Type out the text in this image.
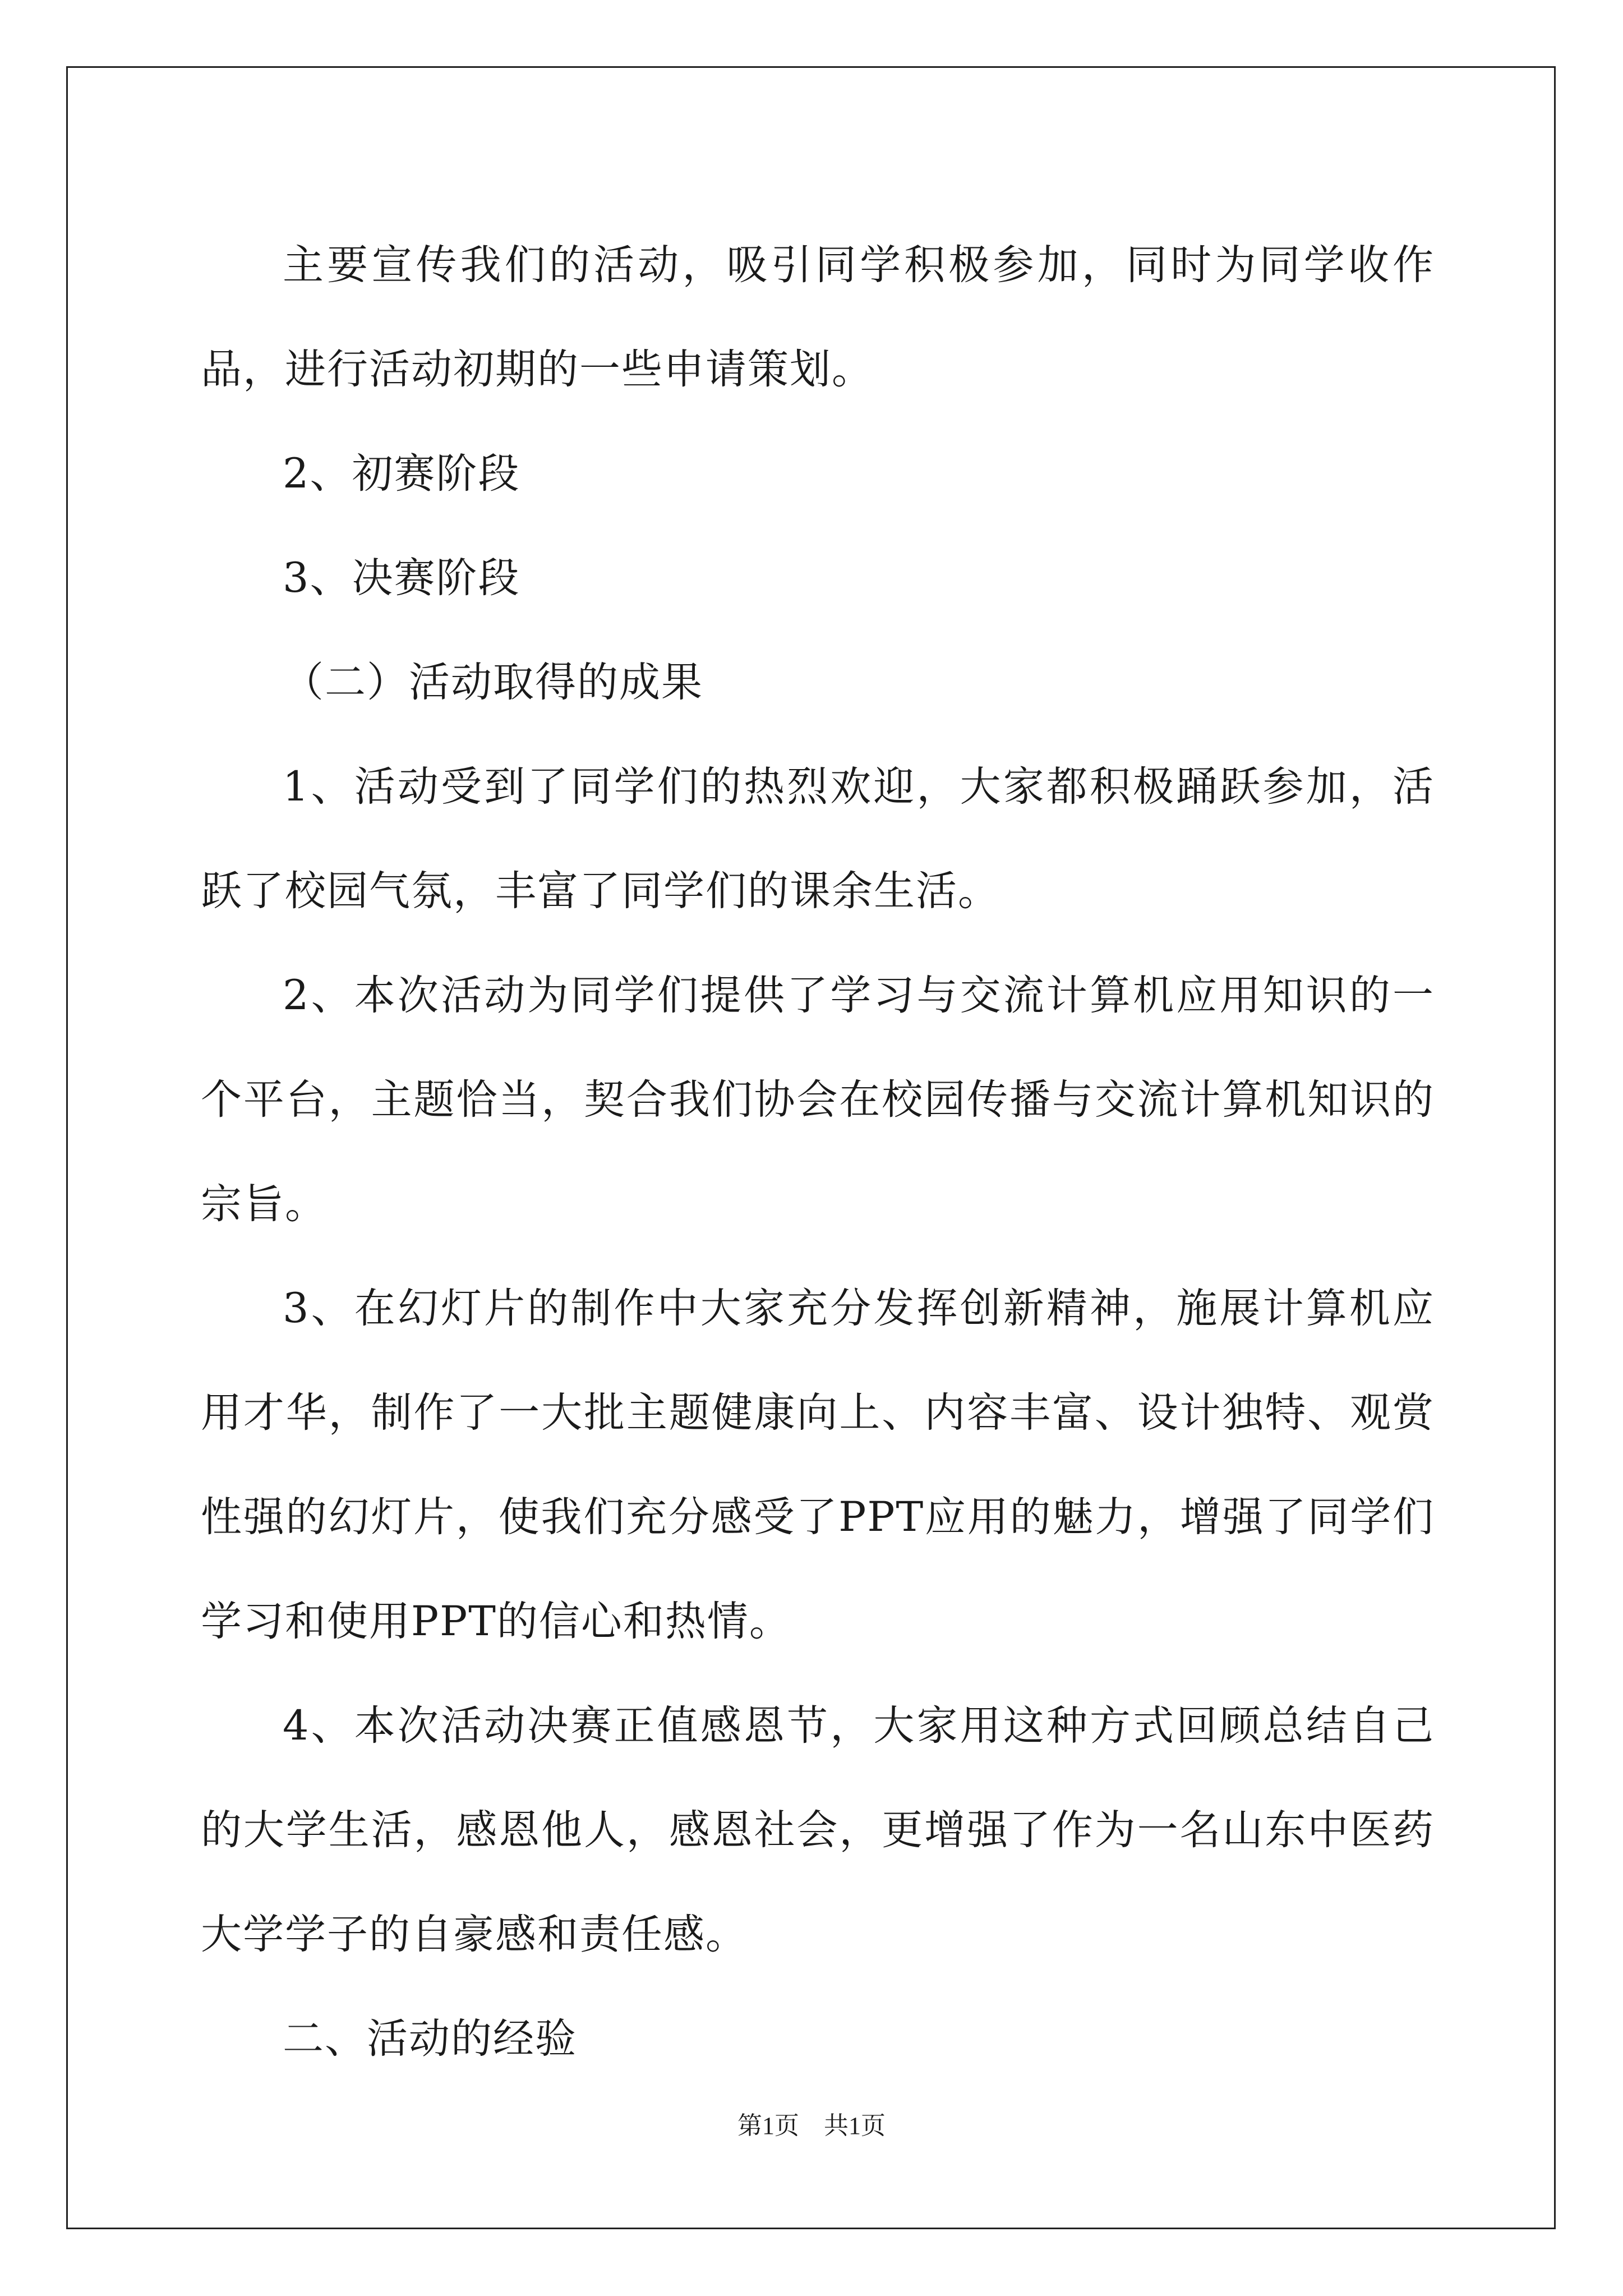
主要宣传我们的活动，吸引同学积极参加，同时为同学收作品，进行活动初期的一些申请策划。

2、初赛阶段

3、决赛阶段

（二）活动取得的成果

1、活动受到了同学们的热烈欢迎，大家都积极踊跃参加，活跃了校园气氛，丰富了同学们的课余生活。

2、本次活动为同学们提供了学习与交流计算机应用知识的一个平台，主题恰当，契合我们协会在校园传播与交流计算机知识的宗旨。

3、在幻灯片的制作中大家充分发挥创新精神，施展计算机应用才华，制作了一大批主题健康向上、内容丰富、设计独特、观赏性强的幻灯片，使我们充分感受了PPT应用的魅力，增强了同学们学习和使用PPT的信心和热情。

4、本次活动决赛正值感恩节，大家用这种方式回顾总结自己的大学生活，感恩他人，感恩社会，更增强了作为一名山东中医药大学学子的自豪感和责任感。

二、活动的经验

第1页 共1页
